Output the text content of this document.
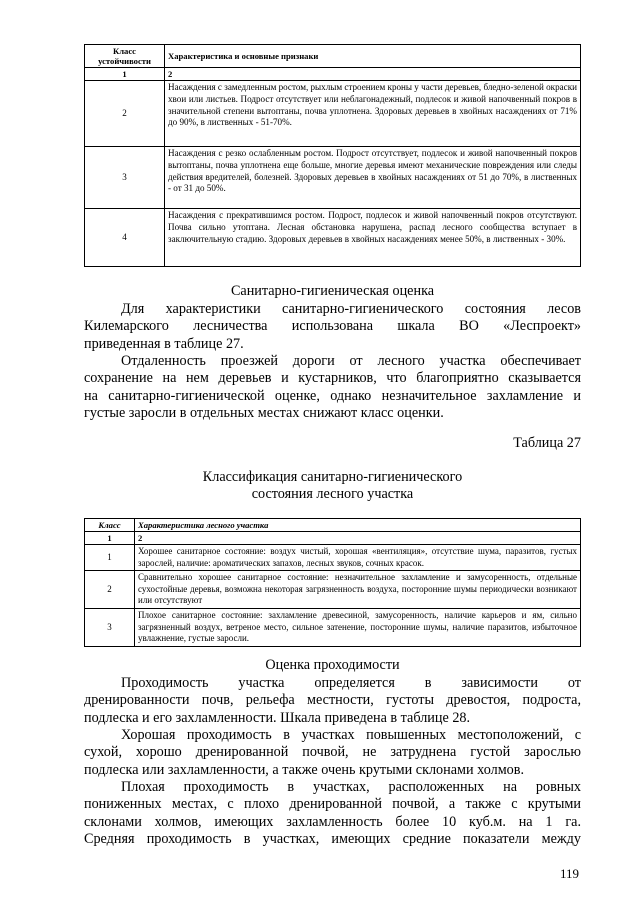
Класс устойчивости	Характеристика и основные признаки
1	2
2	Насаждения с замедленным ростом, рыхлым строением кроны у части деревьев, бледно-зеленой окраски хвои или листьев. Подрост отсутствует или неблагонадежный, подлесок и живой напочвенный покров в значительной степени вытоптаны, почва уплотнена. Здоровых деревьев в хвойных насаждениях от 71% до 90%, в лиственных - 51-70%.
3	Насаждения с резко ослабленным ростом. Подрост отсутствует, подлесок и живой напочвенный покров вытоптаны, почва уплотнена еще больше, многие деревья имеют механические повреждения или следы действия вредителей, болезней. Здоровых деревьев в хвойных насаждениях от 51 до 70%, в лиственных - от 31 до 50%.
4	Насаждения с прекратившимся ростом. Подрост, подлесок и живой напочвенный покров отсутствуют. Почва сильно утоптана. Лесная обстановка нарушена, распад лесного сообщества вступает в заключительную стадию. Здоровых деревьев в хвойных насаждениях менее 50%, в лиственных - 30%.
Санитарно-гигиеническая оценка
Для характеристики санитарно-гигиенического состояния лесов
Килемарского лесничества использована шкала ВО «Леспроект»
приведенная в таблице 27.
Отдаленность проезжей дороги от лесного участка обеспечивает
сохранение на нем деревьев и кустарников, что благоприятно сказывается
на санитарно-гигиенической оценке, однако незначительное захламление и
густые заросли в отдельных местах снижают класс оценки.
Таблица 27
Классификация санитарно-гигиенического
состояния лесного участка
Класс	Характеристика лесного участка
1	2
1	Хорошее санитарное состояние: воздух чистый, хорошая «вентиляция», отсутствие шума, паразитов, густых зарослей, наличие: ароматических запахов, лесных звуков, сочных красок.
2	Сравнительно хорошее санитарное состояние: незначительное захламление и замусоренность, отдельные сухостойные деревья, возможна некоторая загрязненность воздуха, посторонние шумы периодически возникают или отсутствуют
3	Плохое санитарное состояние: захламление древесиной, замусоренность, наличие карьеров и ям, сильно загрязненный воздух, ветреное место, сильное затенение, посторонние шумы, наличие паразитов, избыточное увлажнение, густые заросли.
Оценка проходимости
Проходимость участка определяется в зависимости от
дренированности почв, рельефа местности, густоты древостоя, подроста,
подлеска и его захламленности. Шкала приведена в таблице 28.
Хорошая проходимость в участках повышенных местоположений, с
сухой, хорошо дренированной почвой, не затруднена густой зарослью
подлеска или захламленности, а также очень крутыми склонами холмов.
Плохая проходимость в участках, расположенных на ровных
пониженных местах, с плохо дренированной почвой, а также с крутыми
склонами холмов, имеющих захламленность более 10 куб.м. на 1 га.
Средняя проходимость в участках, имеющих средние показатели между
119
